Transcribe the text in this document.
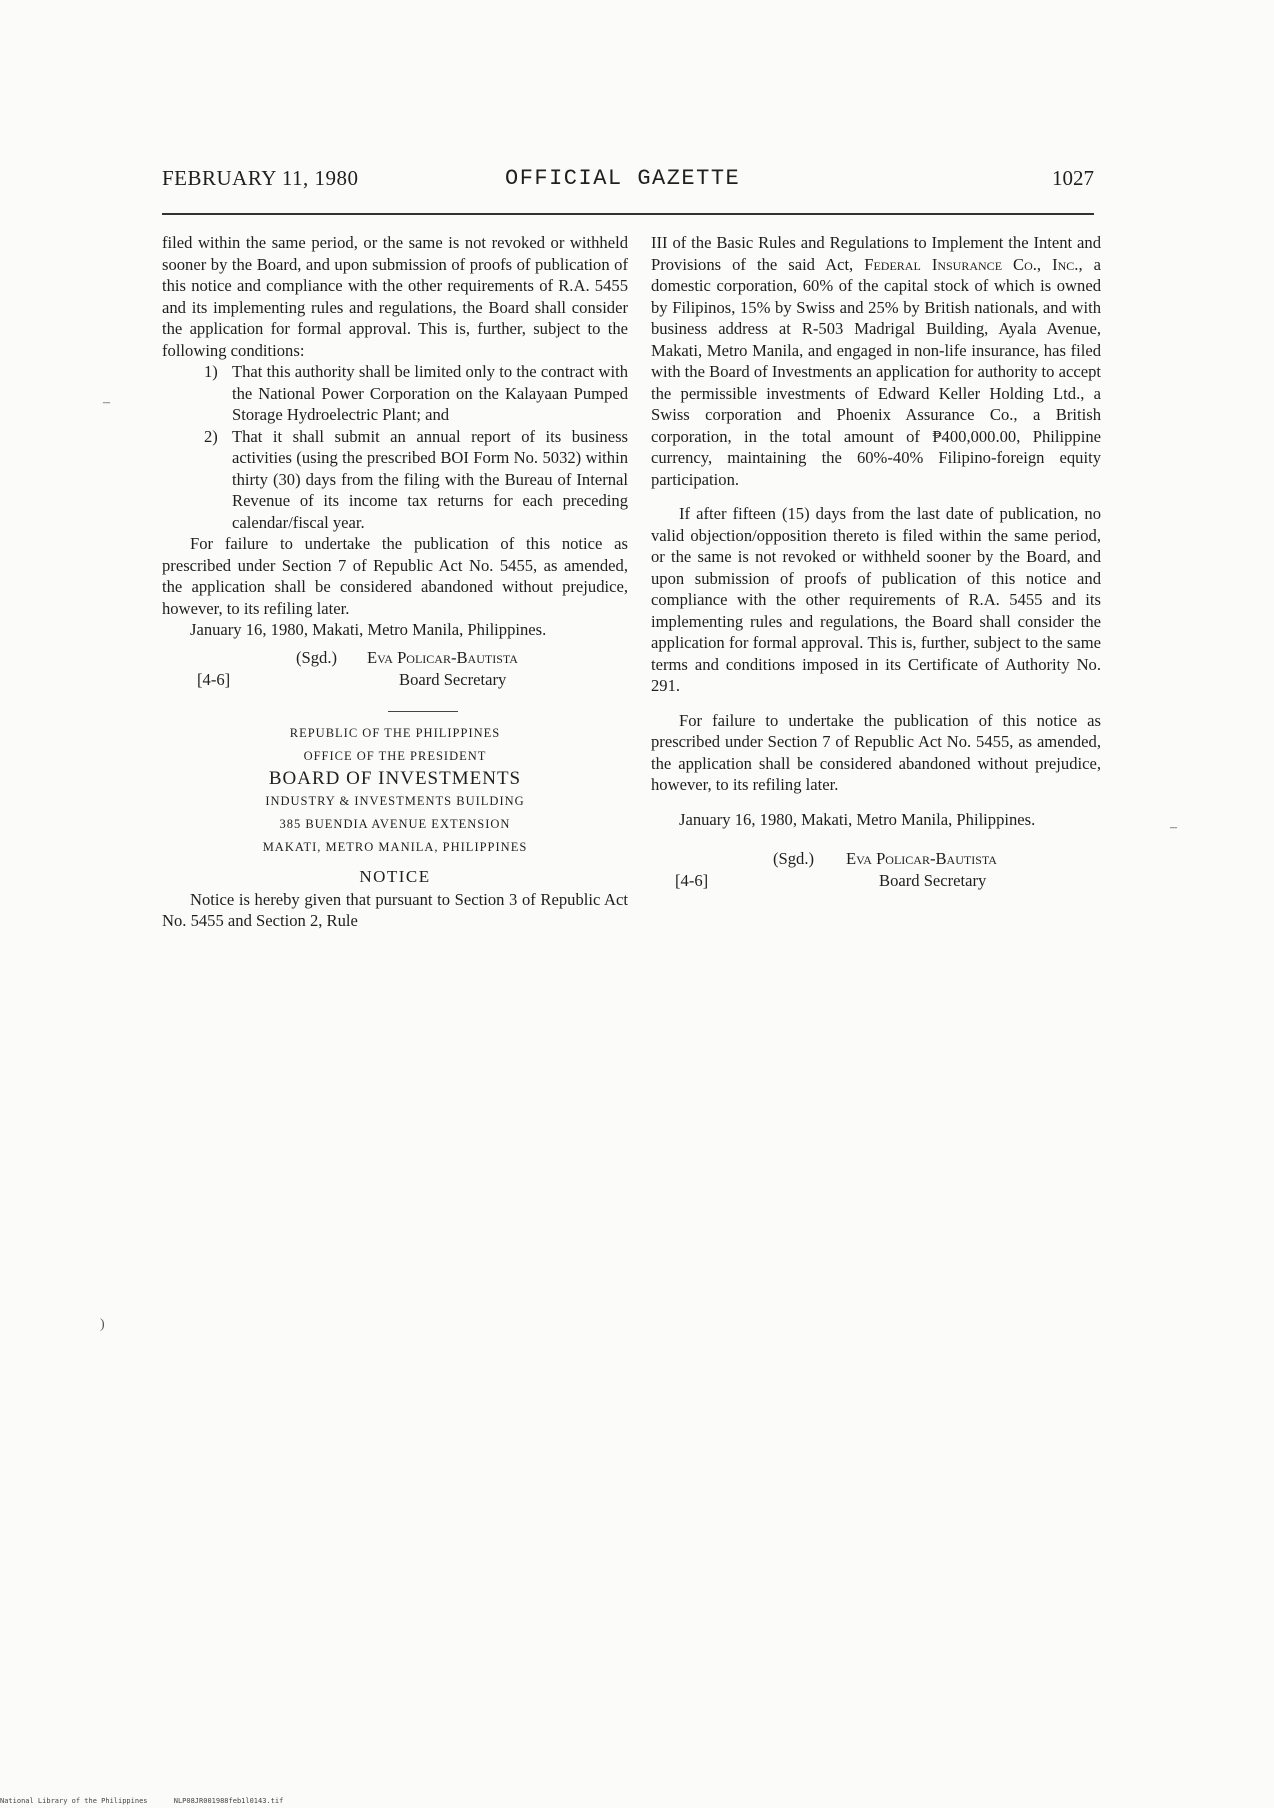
FEBRUARY 11, 1980	OFFICIAL GAZETTE	1027

filed within the same period, or the same is not revoked or withheld sooner by the Board, and upon submission of proofs of publication of this notice and compliance with the other requirements of R.A. 5455 and its implementing rules and regulations, the Board shall consider the application for formal approval. This is, further, subject to the following conditions:

1) That this authority shall be limited only to the contract with the National Power Corporation on the Kalayaan Pumped Storage Hydroelectric Plant; and
2) That it shall submit an annual report of its business activities (using the prescribed BOI Form No. 5032) within thirty (30) days from the filing with the Bureau of Internal Revenue of its income tax returns for each preceding calendar/fiscal year.

For failure to undertake the publication of this notice as prescribed under Section 7 of Republic Act No. 5455, as amended, the application shall be considered abandoned without prejudice, however, to its refiling later.

January 16, 1980, Makati, Metro Manila, Philippines.

(Sgd.) Eva Policar-Bautista
[4-6]	Board Secretary
REPUBLIC OF THE PHILIPPINES
OFFICE OF THE PRESIDENT
BOARD OF INVESTMENTS
INDUSTRY & INVESTMENTS BUILDING
385 BUENDIA AVENUE EXTENSION
MAKATI, METRO MANILA, PHILIPPINES
NOTICE

Notice is hereby given that pursuant to Section 3 of Republic Act No. 5455 and Section 2, Rule

III of the Basic Rules and Regulations to Implement the Intent and Provisions of the said Act, Federal Insurance Co., Inc., a domestic corporation, 60% of the capital stock of which is owned by Filipinos, 15% by Swiss and 25% by British nationals, and with business address at R-503 Madrigal Building, Ayala Avenue, Makati, Metro Manila, and engaged in non-life insurance, has filed with the Board of Investments an application for authority to accept the permissible investments of Edward Keller Holding Ltd., a Swiss corporation and Phoenix Assurance Co., a British corporation, in the total amount of ₱400,000.00, Philippine currency, maintaining the 60%-40% Filipino-foreign equity participation.

If after fifteen (15) days from the last date of publication, no valid objection/opposition thereto is filed within the same period, or the same is not revoked or withheld sooner by the Board, and upon submission of proofs of publication of this notice and compliance with the other requirements of R.A. 5455 and its implementing rules and regulations, the Board shall consider the application for formal approval. This is, further, subject to the same terms and conditions imposed in its Certificate of Authority No. 291.

For failure to undertake the publication of this notice as prescribed under Section 7 of Republic Act No. 5455, as amended, the application shall be considered abandoned without prejudice, however, to its refiling later.

January 16, 1980, Makati, Metro Manila, Philippines.

(Sgd.) Eva Policar-Bautista
[4-6]	Board Secretary
–
)
–
National Library of the Philippines	NLP08JR001988feb1l0143.tif
